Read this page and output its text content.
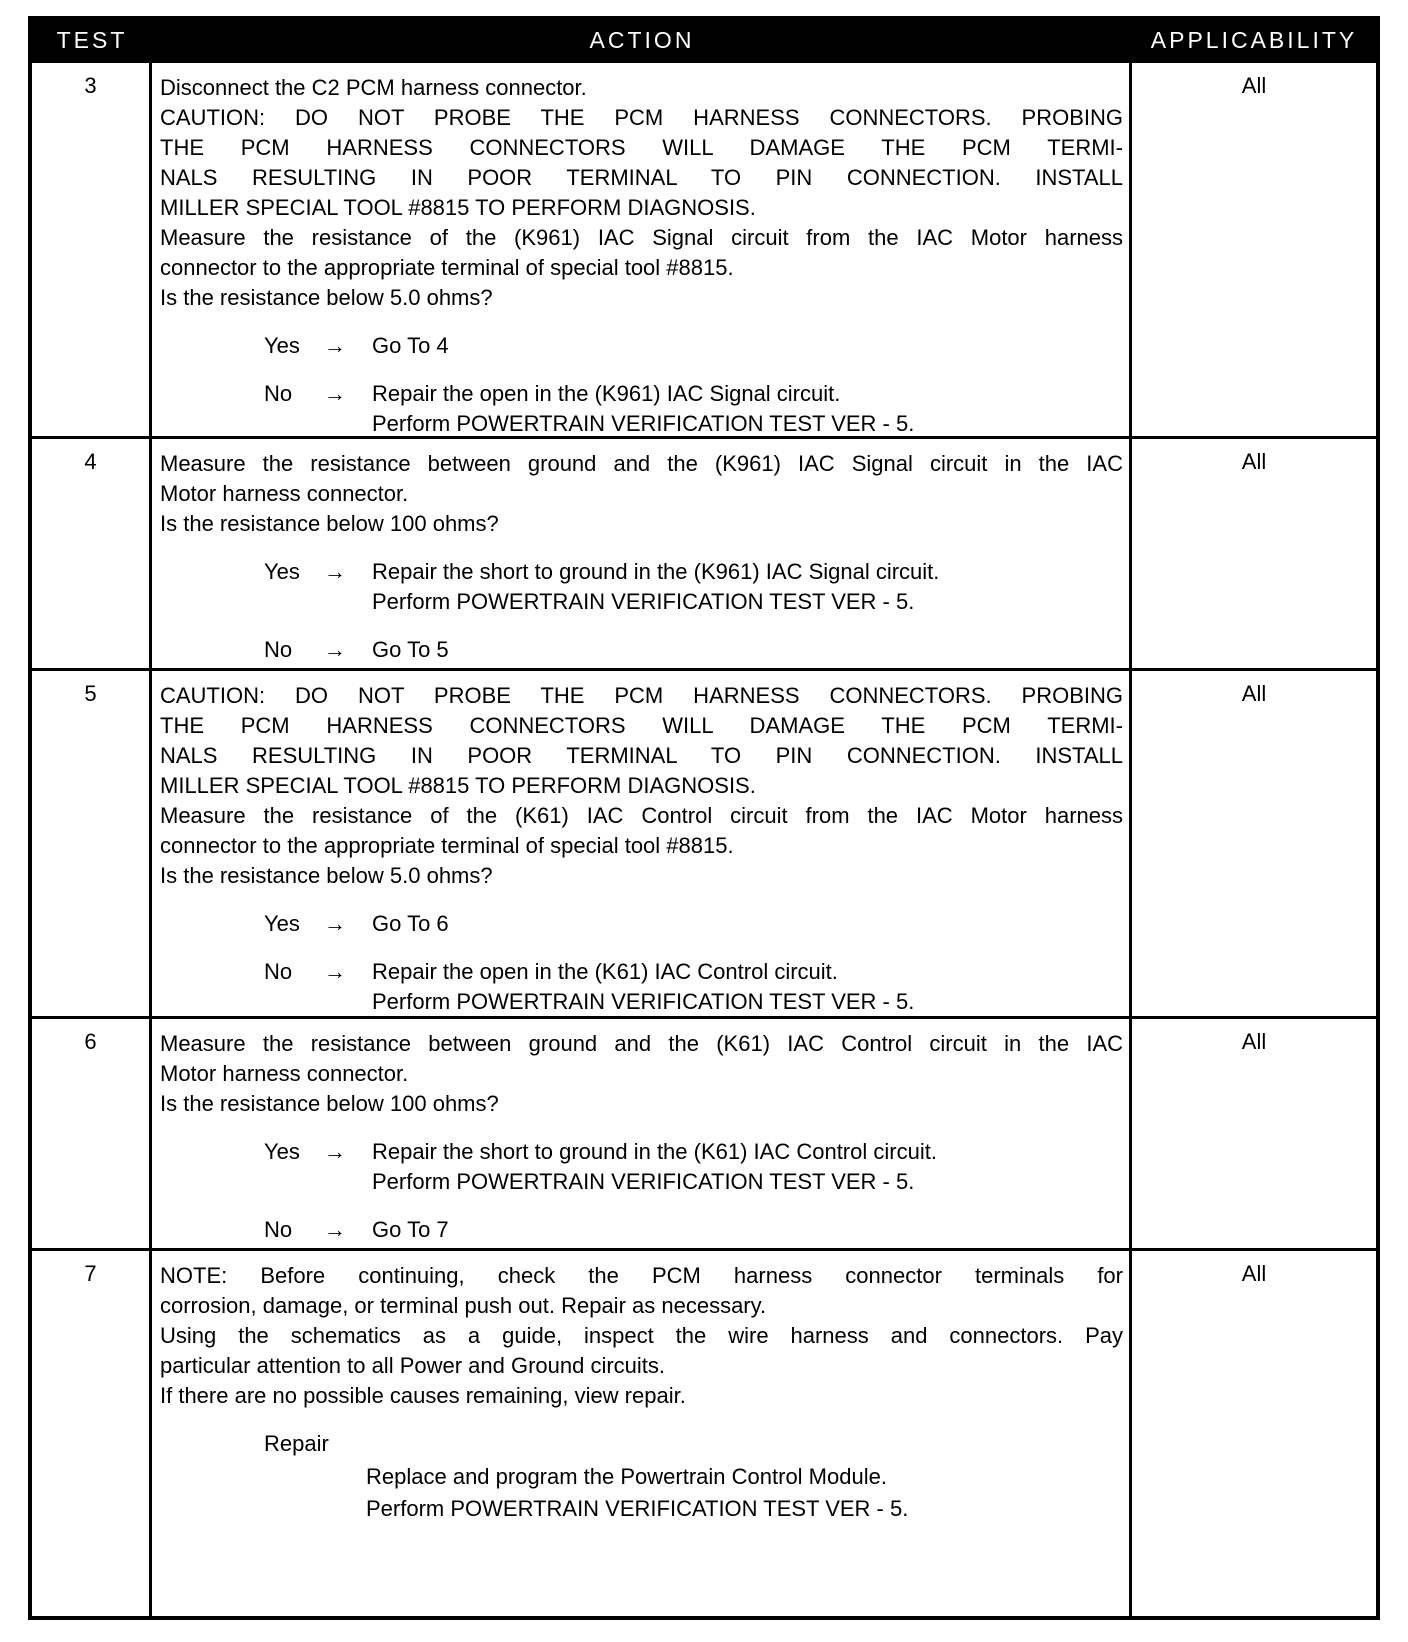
TEST	ACTION	APPLICABILITY
3	Disconnect the C2 PCM harness connector.
CAUTION: DO NOT PROBE THE PCM HARNESS CONNECTORS. PROBING
THE PCM HARNESS CONNECTORS WILL DAMAGE THE PCM TERMI-
NALS RESULTING IN POOR TERMINAL TO PIN CONNECTION. INSTALL
MILLER SPECIAL TOOL #8815 TO PERFORM DIAGNOSIS.
Measure the resistance of the (K961) IAC Signal circuit from the IAC Motor harness
connector to the appropriate terminal of special tool #8815.
Is the resistance below 5.0 ohms?
Yes	→	Go To 4
No	→	Repair the open in the (K961) IAC Signal circuit.
Perform POWERTRAIN VERIFICATION TEST VER - 5.
All
4	Measure the resistance between ground and the (K961) IAC Signal circuit in the IAC
Motor harness connector.
Is the resistance below 100 ohms?
Yes	→	Repair the short to ground in the (K961) IAC Signal circuit.
Perform POWERTRAIN VERIFICATION TEST VER - 5.
No	→	Go To 5
All
5	CAUTION: DO NOT PROBE THE PCM HARNESS CONNECTORS. PROBING
THE PCM HARNESS CONNECTORS WILL DAMAGE THE PCM TERMI-
NALS RESULTING IN POOR TERMINAL TO PIN CONNECTION. INSTALL
MILLER SPECIAL TOOL #8815 TO PERFORM DIAGNOSIS.
Measure the resistance of the (K61) IAC Control circuit from the IAC Motor harness
connector to the appropriate terminal of special tool #8815.
Is the resistance below 5.0 ohms?
Yes	→	Go To 6
No	→	Repair the open in the (K61) IAC Control circuit.
Perform POWERTRAIN VERIFICATION TEST VER - 5.
All
6	Measure the resistance between ground and the (K61) IAC Control circuit in the IAC
Motor harness connector.
Is the resistance below 100 ohms?
Yes	→	Repair the short to ground in the (K61) IAC Control circuit.
Perform POWERTRAIN VERIFICATION TEST VER - 5.
No	→	Go To 7
All
7	NOTE: Before continuing, check the PCM harness connector terminals for
corrosion, damage, or terminal push out. Repair as necessary.
Using the schematics as a guide, inspect the wire harness and connectors. Pay
particular attention to all Power and Ground circuits.
If there are no possible causes remaining, view repair.
Repair
Replace and program the Powertrain Control Module.
Perform POWERTRAIN VERIFICATION TEST VER - 5.
All
